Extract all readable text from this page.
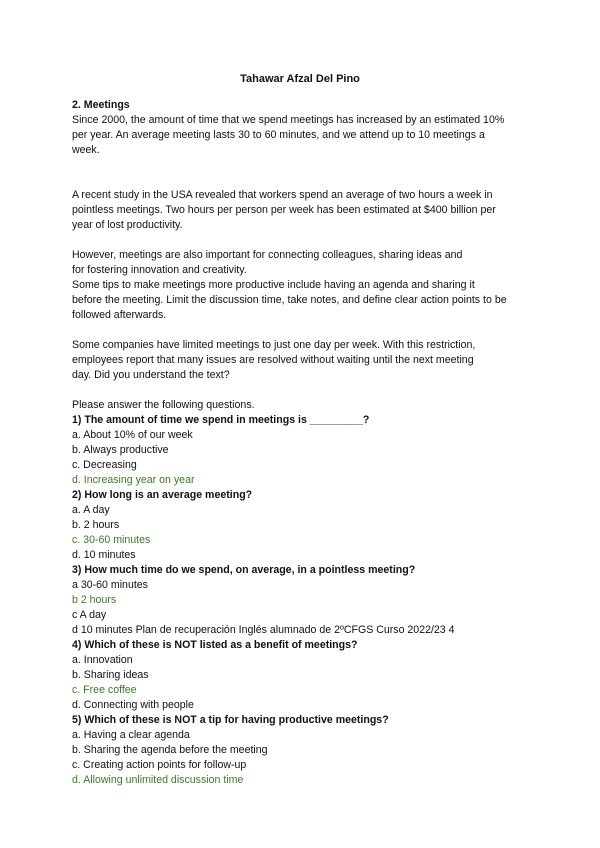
Tahawar Afzal Del Pino

2. Meetings

Since 2000, the amount of time that we spend meetings has increased by an estimated 10%

per year. An average meeting lasts 30 to 60 minutes, and we attend up to 10 meetings a

week.

A recent study in the USA revealed that workers spend an average of two hours a week in

pointless meetings. Two hours per person per week has been estimated at $400 billion per

year of lost productivity.

However, meetings are also important for connecting colleagues, sharing ideas and

for fostering innovation and creativity.

Some tips to make meetings more productive include having an agenda and sharing it

before the meeting. Limit the discussion time, take notes, and define clear action points to be

followed afterwards.

Some companies have limited meetings to just one day per week. With this restriction,

employees report that many issues are resolved without waiting until the next meeting

day. Did you understand the text?

Please answer the following questions.

1) The amount of time we spend in meetings is _________?

a. About 10% of our week

b. Always productive

c. Decreasing

d. Increasing year on year

2) How long is an average meeting?

a. A day

b. 2 hours

c. 30-60 minutes

d. 10 minutes

3) How much time do we spend, on average, in a pointless meeting?

a 30-60 minutes

b 2 hours

c A day

d 10 minutes Plan de recuperación Inglés alumnado de 2ºCFGS Curso 2022/23 4

4) Which of these is NOT listed as a benefit of meetings?

a. Innovation

b. Sharing ideas

c. Free coffee

d. Connecting with people

5) Which of these is NOT a tip for having productive meetings?

a. Having a clear agenda

b. Sharing the agenda before the meeting

c. Creating action points for follow-up

d. Allowing unlimited discussion time
